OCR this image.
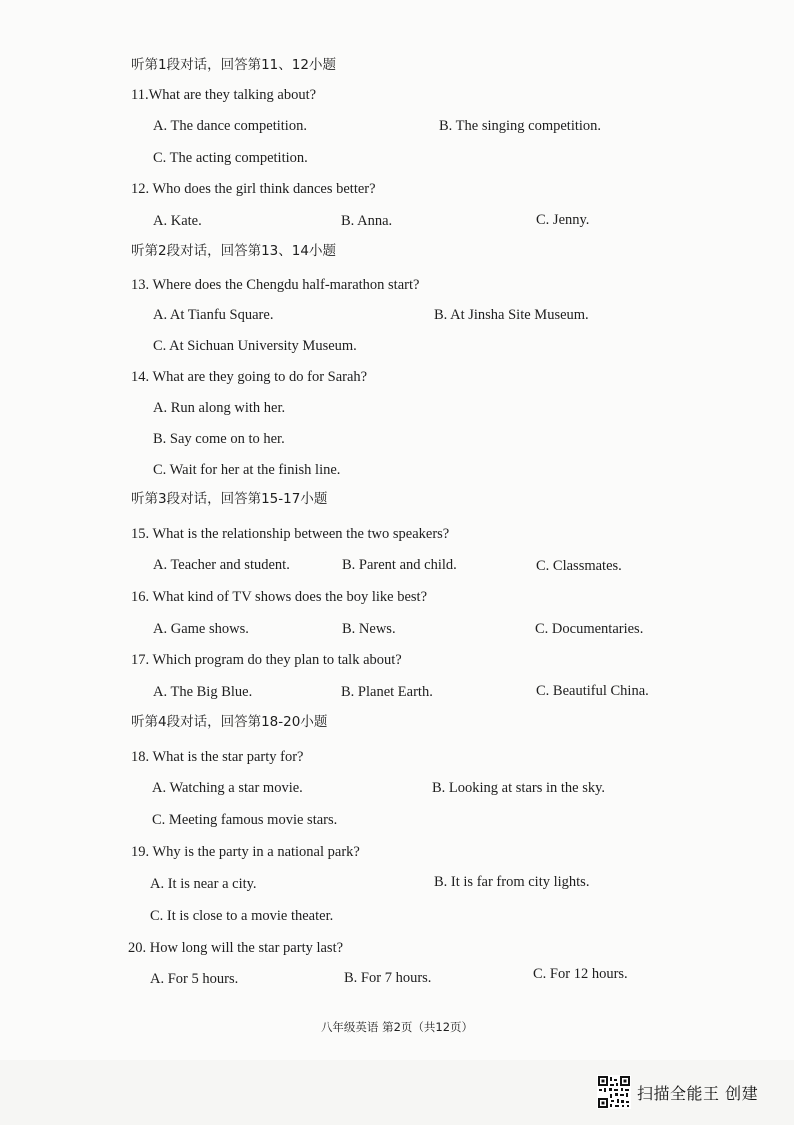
听第1段对话，回答第11、12小题
11.What are they talking about?
A. The dance competition.	B. The singing competition.
C. The acting competition.
12. Who does the girl think dances better?
A. Kate.	B. Anna.	C. Jenny.
听第2段对话，回答第13、14小题
13. Where does the Chengdu half-marathon start?
A. At Tianfu Square.	B. At Jinsha Site Museum.
C. At Sichuan University Museum.
14. What are they going to do for Sarah?
A. Run along with her.
B. Say come on to her.
C. Wait for her at the finish line.
听第3段对话，回答第15-17小题
15. What is the relationship between the two speakers?
A. Teacher and student.	B. Parent and child.	C. Classmates.
16. What kind of TV shows does the boy like best?
A. Game shows.	B. News.	C. Documentaries.
17. Which program do they plan to talk about?
A. The Big Blue.	B. Planet Earth.	C. Beautiful China.
听第4段对话，回答第18-20小题
18. What is the star party for?
A. Watching a star movie.	B. Looking at stars in the sky.
C. Meeting famous movie stars.
19. Why is the party in a national park?
A. It is near a city.	B. It is far from city lights.
C. It is close to a movie theater.
20. How long will the star party last?
A. For 5 hours.	B. For 7 hours.	C. For 12 hours.
八年级英语 第2页（共12页）
扫描全能王 创建
